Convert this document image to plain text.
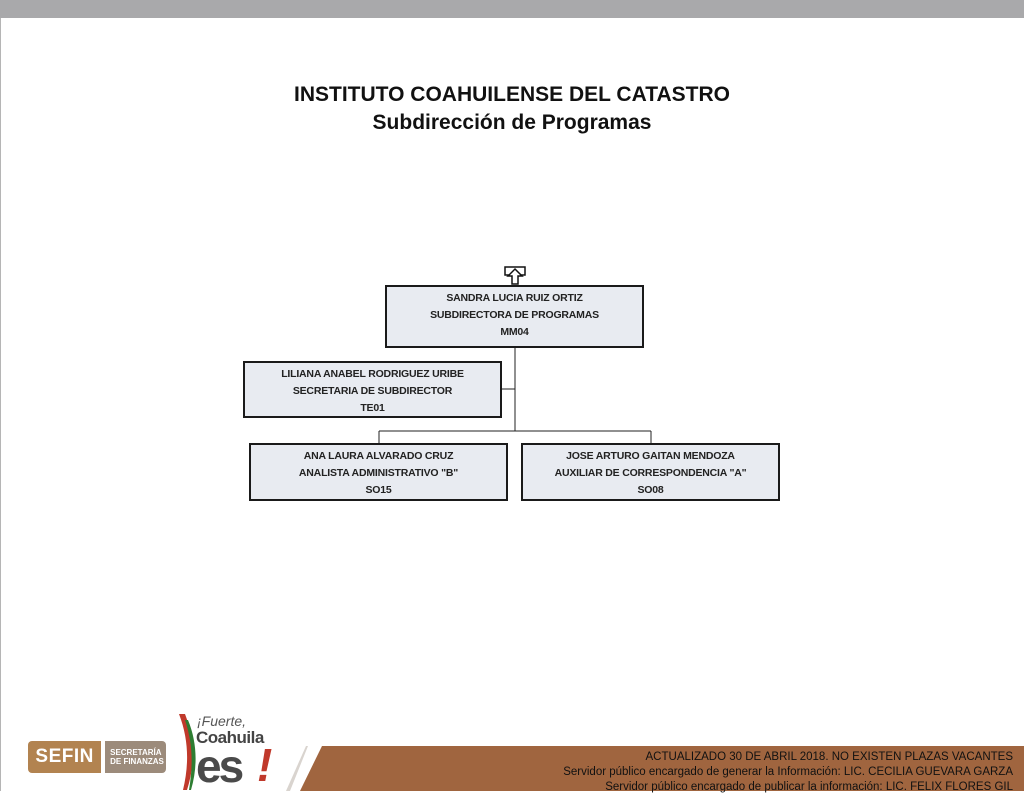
INSTITUTO COAHUILENSE DEL CATASTRO
Subdirección de Programas
SANDRA LUCIA RUIZ ORTIZ
SUBDIRECTORA DE PROGRAMAS
MM04
LILIANA ANABEL RODRIGUEZ URIBE
SECRETARIA DE SUBDIRECTOR
TE01
ANA LAURA ALVARADO CRUZ
ANALISTA ADMINISTRATIVO "B"
SO15
JOSE ARTURO GAITAN MENDOZA
AUXILIAR DE CORRESPONDENCIA "A"
SO08
SEFIN	SECRETARÍA
DE FINANZAS
¡Fuerte,
Coahuila
es !	ACTUALIZADO 30 DE ABRIL 2018. NO EXISTEN PLAZAS VACANTES
Servidor público encargado de generar la Información: LIC. CECILIA GUEVARA GARZA
Servidor público encargado de publicar la información: LIC. FELIX FLORES GIL
